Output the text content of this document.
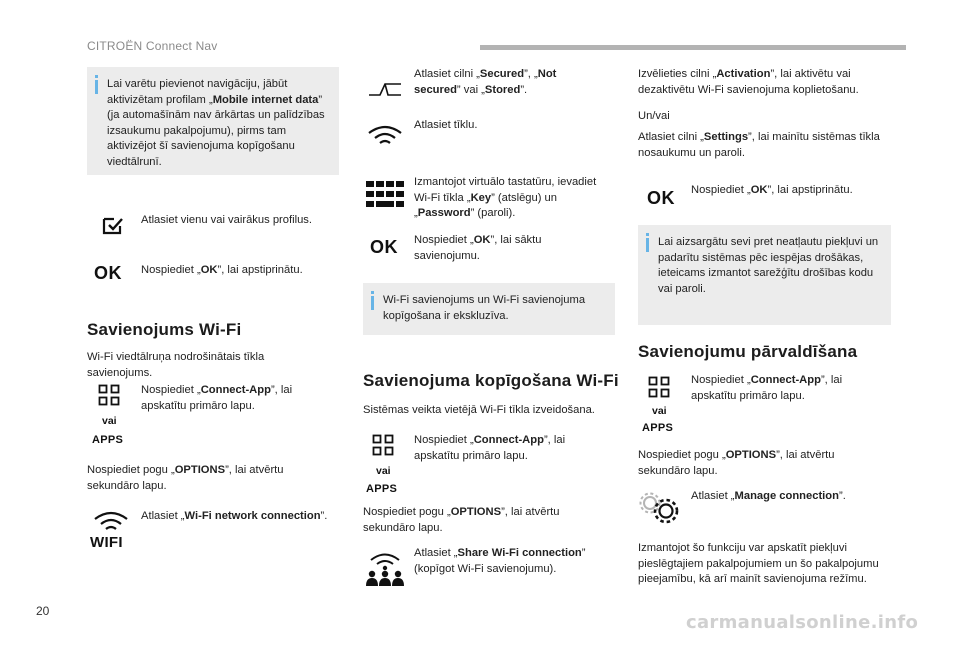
CITROËN Connect Nav
20
carmanualsonline.info
Lai varētu pievienot navigāciju, jābūt aktivizētam profilam „Mobile internet data” (ja automašīnām nav ārkārtas un palīdzības izsaukumu pakalpojumu), pirms tam aktivizējot šī savienojuma kopīgošanu viedtālrunī.
Atlasiet vienu vai vairākus profilus.
OK Nospiediet „OK”, lai apstiprinātu.
Savienojums Wi-Fi
Wi-Fi viedtālruņa nodrošinātais tīkla savienojums.
vai
APPS
Nospiediet „Connect-App”, lai apskatītu primāro lapu.
Nospiediet pogu „OPTIONS”, lai atvērtu sekundāro lapu.
WIFI
Atlasiet „Wi-Fi network connection”.
Atlasiet cilni „Secured”, „Not secured” vai „Stored”.
Atlasiet tīklu.
Izmantojot virtuālo tastatūru, ievadiet Wi-Fi tīkla „Key” (atslēgu) un „Password” (paroli).
OK Nospiediet „OK”, lai sāktu savienojumu.
Wi-Fi savienojums un Wi-Fi savienojuma kopīgošana ir ekskluzīva.
Savienojuma kopīgošana Wi-Fi
Sistēmas veikta vietējā Wi-Fi tīkla izveidošana.
vai
APPS
Nospiediet „Connect-App”, lai apskatītu primāro lapu.
Nospiediet pogu „OPTIONS”, lai atvērtu sekundāro lapu.
Atlasiet „Share Wi-Fi connection” (kopīgot Wi-Fi savienojumu).
Izvēlieties cilni „Activation”, lai aktivētu vai dezaktivētu Wi-Fi savienojuma koplietošanu.
Un/vai
Atlasiet cilni „Settings”, lai mainītu sistēmas tīkla nosaukumu un paroli.
OK Nospiediet „OK”, lai apstiprinātu.
Lai aizsargātu sevi pret neatļautu piekļuvi un padarītu sistēmas pēc iespējas drošākas, ieteicams izmantot sarežģītu drošības kodu vai paroli.
Savienojumu pārvaldīšana
vai
APPS
Nospiediet „Connect-App”, lai apskatītu primāro lapu.
Nospiediet pogu „OPTIONS”, lai atvērtu sekundāro lapu.
Atlasiet „Manage connection”.
Izmantojot šo funkciju var apskatīt piekļuvi pieslēgtajiem pakalpojumiem un šo pakalpojumu pieejamību, kā arī mainīt savienojuma režīmu.
